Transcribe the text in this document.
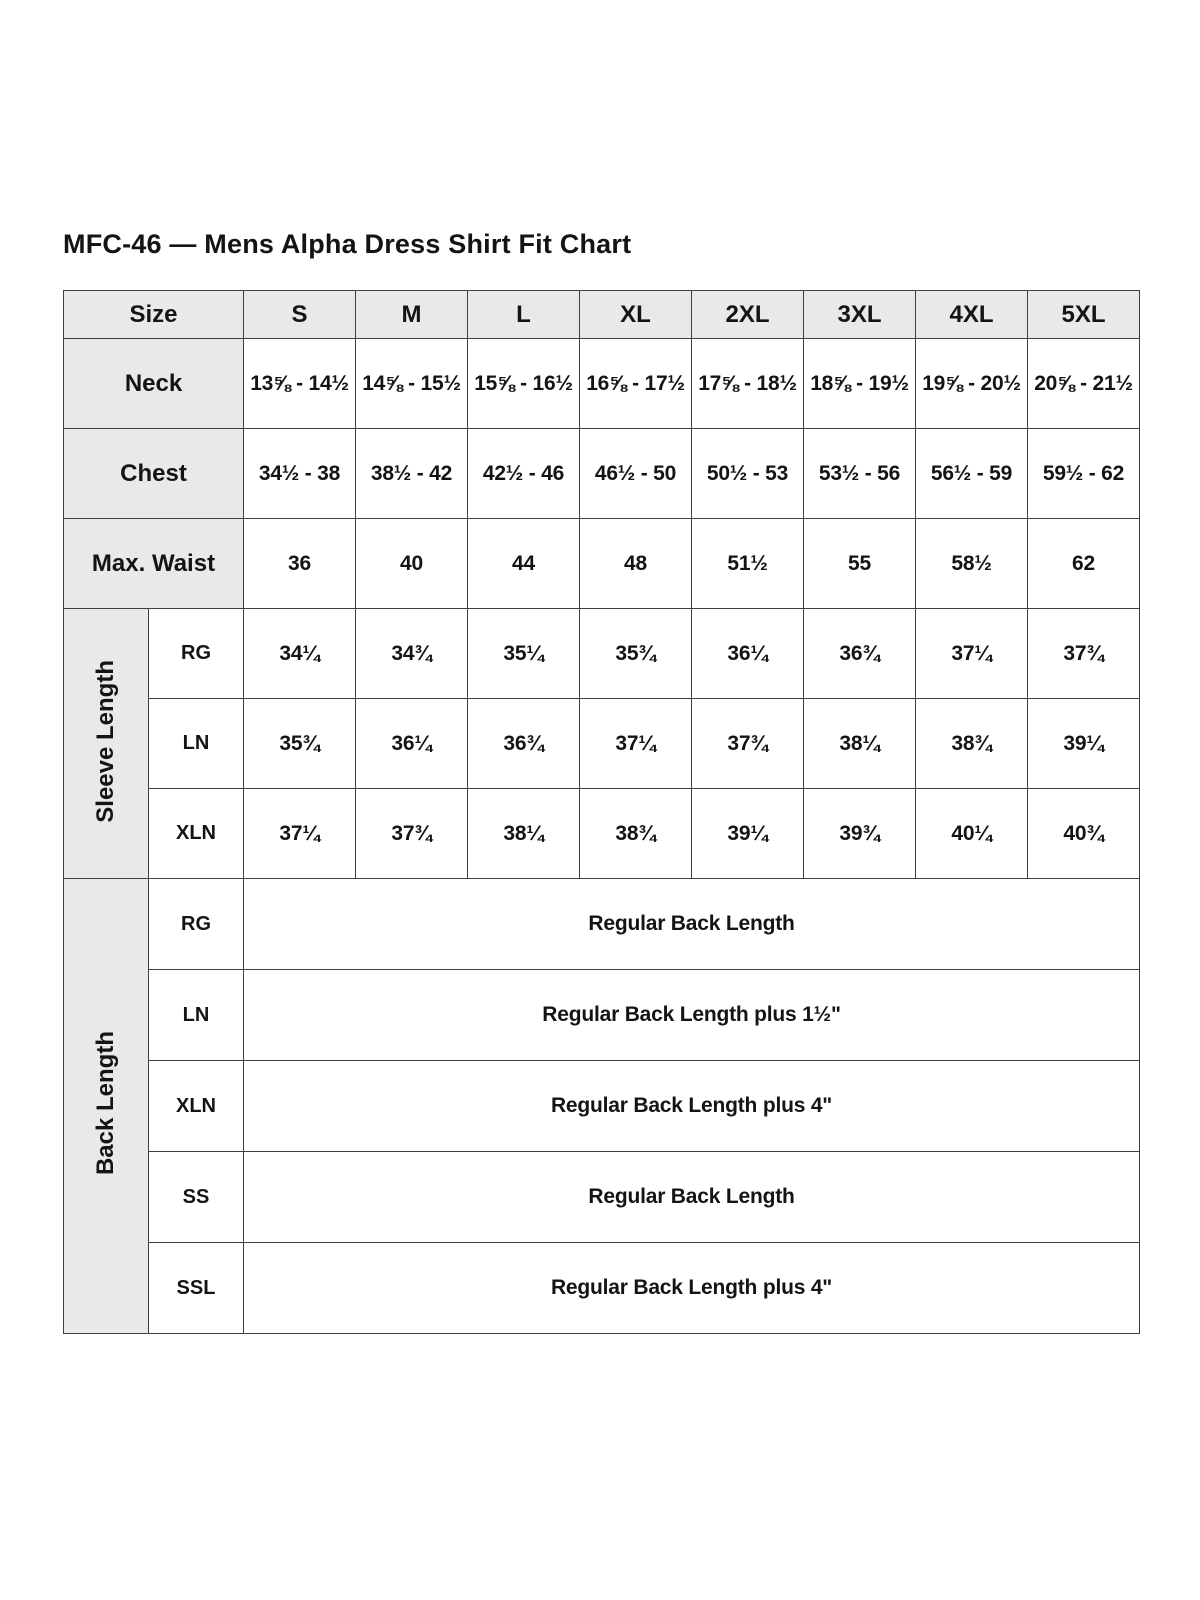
MFC-46 — Mens Alpha Dress Shirt Fit Chart
Size		S	M	L	XL	2XL	3XL	4XL	5XL
Neck		13⅝ - 14½	14⅝ - 15½	15⅝ - 16½	16⅝ - 17½	17⅝ - 18½	18⅝ - 19½	19⅝ - 20½	20⅝ - 21½
Chest		34½ - 38	38½ - 42	42½ - 46	46½ - 50	50½ - 53	53½ - 56	56½ - 59	59½ - 62
Max. Waist		36	40	44	48	51½	55	58½	62
Sleeve Length	RG	34¼	34¾	35¼	35¾	36¼	36¾	37¼	37¾
	LN	35¾	36¼	36¾	37¼	37¾	38¼	38¾	39¼
	XLN	37¼	37¾	38¼	38¾	39¼	39¾	40¼	40¾
Back Length	RG	Regular Back Length							
	LN	Regular Back Length plus 1½"							
	XLN	Regular Back Length plus 4"							
	SS	Regular Back Length							
	SSL	Regular Back Length plus 4"							
